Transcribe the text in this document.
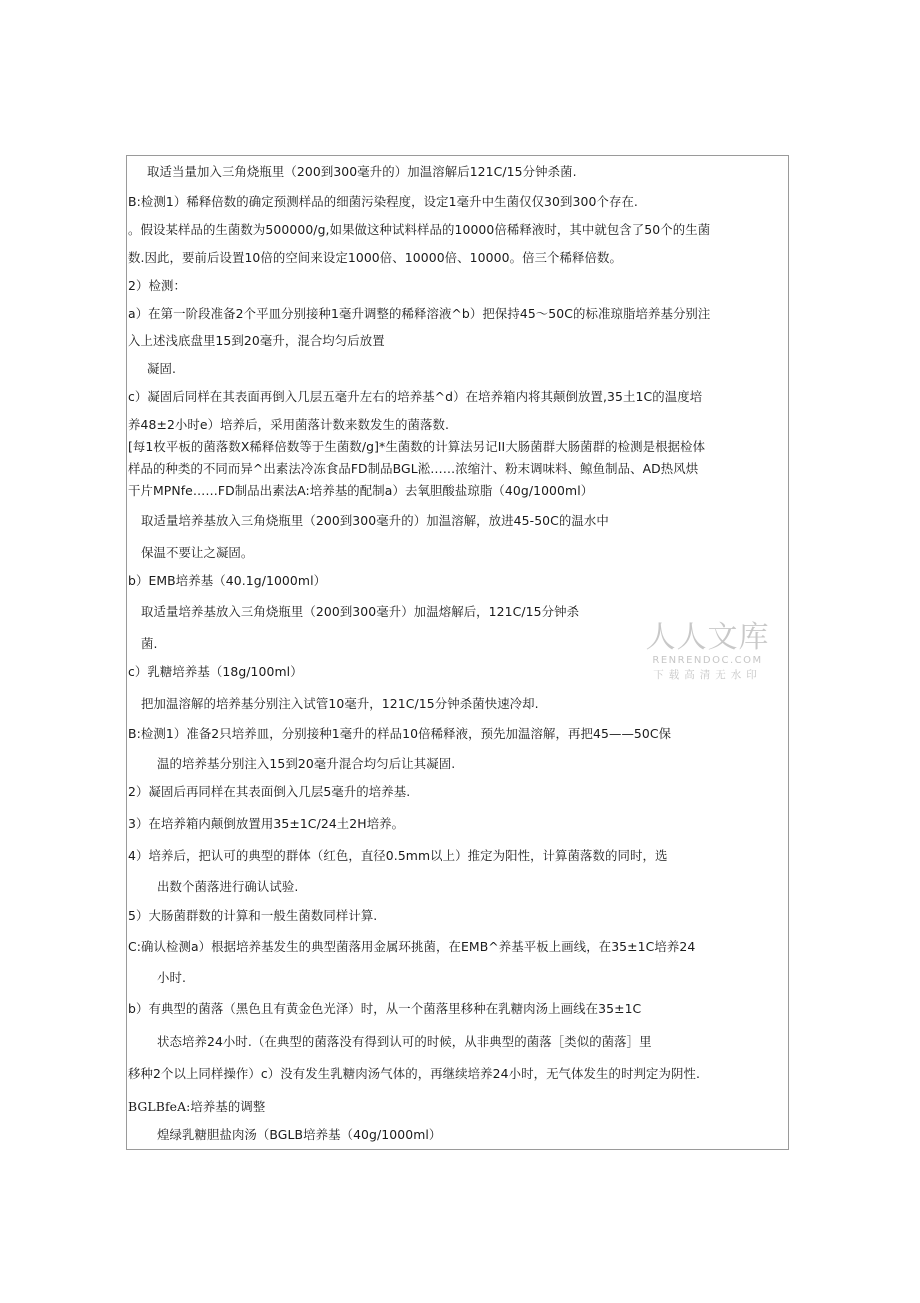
取适当量加入三角烧瓶里（200到300毫升的）加温溶解后121C/15分钟杀菌.
B:检测1）稀释倍数的确定预测样品的细菌污染程度，设定1毫升中生菌仅仅30到300个存在.
。假设某样品的生菌数为500000/g,如果做这种试料样品的10000倍稀释液时，其中就包含了50个的生菌
数.因此，要前后设置10倍的空间来设定1000倍、10000倍、10000。倍三个稀释倍数。
2）检测：
a）在第一阶段准备2个平皿分别接种1毫升调整的稀释溶液^b）把保持45〜50C的标准琼脂培养基分别注
入上述浅底盘里15到20毫升，混合均匀后放置
凝固.
c）凝固后同样在其表面再倒入几层五毫升左右的培养基^d）在培养箱内将其颠倒放置,35土1C的温度培
养48±2小时e）培养后，采用菌落计数来数发生的菌落数.
[每1枚平板的菌落数X稀释倍数等于生菌数/g]*生菌数的计算法另记II大肠菌群大肠菌群的检测是根据检体
样品的种类的不同而异^出素法冷冻食品FD制品BGL淞……浓缩汁、粉末调味料、鲸鱼制品、AD热风烘
干片MPNfe……FD制品出素法A:培养基的配制a）去氧胆酸盐琼脂（40g/1000ml）
取适量培养基放入三角烧瓶里（200到300毫升的）加温溶解，放进45-50C的温水中
保温不要让之凝固。
b）EMB培养基（40.1g/1000ml）
取适量培养基放入三角烧瓶里（200到300毫升）加温熔解后，121C/15分钟杀
菌.
c）乳糖培养基（18g/100ml）
把加温溶解的培养基分别注入试管10毫升，121C/15分钟杀菌快速冷却.
B:检测1）准备2只培养皿，分别接种1毫升的样品10倍稀释液，预先加温溶解，再把45——50C保
温的培养基分别注入15到20毫升混合均匀后让其凝固.
2）凝固后再同样在其表面倒入几层5毫升的培养基.
3）在培养箱内颠倒放置用35±1C/24土2H培养。
4）培养后，把认可的典型的群体（红色，直径0.5mm以上）推定为阳性，计算菌落数的同时，选
出数个菌落进行确认试验.
5）大肠菌群数的计算和一般生菌数同样计算.
C:确认检测a）根据培养基发生的典型菌落用金属环挑菌，在EMB^养基平板上画线，在35±1C培养24
小时.
b）有典型的菌落（黑色且有黄金色光泽）时，从一个菌落里移种在乳糖肉汤上画线在35±1C
状态培养24小时.（在典型的菌落没有得到认可的时候，从非典型的菌落［类似的菌落］里
移种2个以上同样操作）c）没有发生乳糖肉汤气体的，再继续培养24小时，无气体发生的时判定为阴性.
BGLBfeA:培养基的调整
煌绿乳糖胆盐肉汤（BGLB培养基（40g/1000ml）
人人文库
RENRENDOC.COM
下载高清无水印
